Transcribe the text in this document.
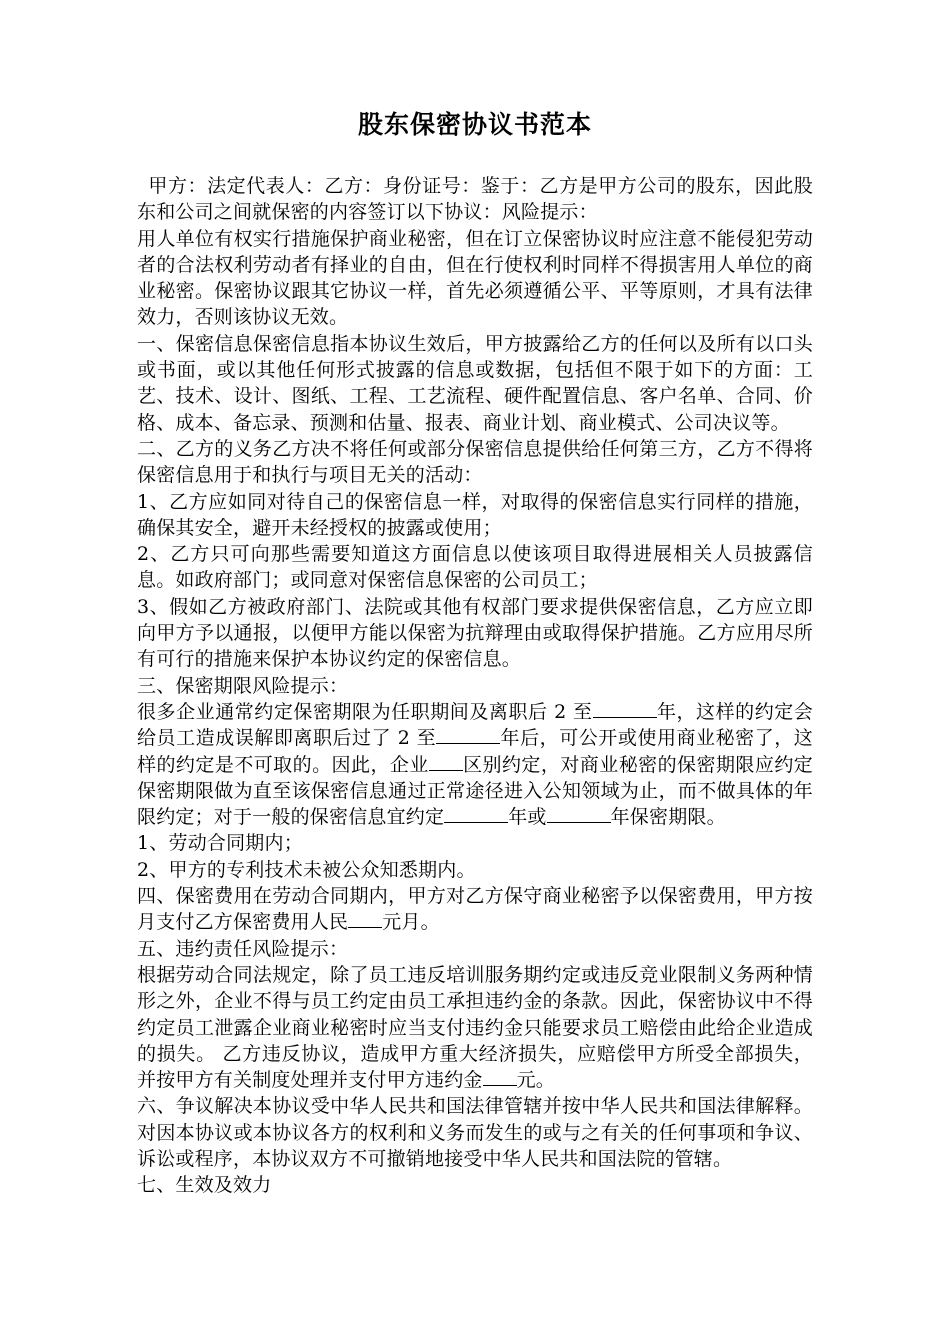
股东保密协议书范本

甲方：法定代表人：乙方：身份证号：鉴于：乙方是甲方公司的股东，因此股东和公司之间就保密的内容签订以下协议：风险提示：

用人单位有权实行措施保护商业秘密，但在订立保密协议时应注意不能侵犯劳动者的合法权利劳动者有择业的自由，但在行使权利时同样不得损害用人单位的商业秘密。保密协议跟其它协议一样，首先必须遵循公平、平等原则，才具有法律效力，否则该协议无效。

一、保密信息保密信息指本协议生效后，甲方披露给乙方的任何以及所有以口头或书面，或以其他任何形式披露的信息或数据，包括但不限于如下的方面：工艺、技术、设计、图纸、工程、工艺流程、硬件配置信息、客户名单、合同、价格、成本、备忘录、预测和估量、报表、商业计划、商业模式、公司决议等。

二、乙方的义务乙方决不将任何或部分保密信息提供给任何第三方，乙方不得将保密信息用于和执行与项目无关的活动：

1、乙方应如同对待自己的保密信息一样，对取得的保密信息实行同样的措施，确保其安全，避开未经授权的披露或使用；

2、乙方只可向那些需要知道这方面信息以使该项目取得进展相关人员披露信息。如政府部门；或同意对保密信息保密的公司员工；

3、假如乙方被政府部门、法院或其他有权部门要求提供保密信息，乙方应立即向甲方予以通报，以便甲方能以保密为抗辩理由或取得保护措施。乙方应用尽所有可行的措施来保护本协议约定的保密信息。

三、保密期限风险提示：

很多企业通常约定保密期限为任职期间及离职后 2 至	年，这样的约定会给员工造成误解即离职后过了 2 至	年后，可公开或使用商业秘密了，这样的约定是不可取的。因此，企业 区别约定，对商业秘密的保密期限应约定保密期限做为直至该保密信息通过正常途径进入公知领域为止，而不做具体的年限约定；对于一般的保密信息宜约定	年或	年保密期限。

1、劳动合同期内；

2、甲方的专利技术未被公众知悉期内。

四、保密费用在劳动合同期内，甲方对乙方保守商业秘密予以保密费用，甲方按月支付乙方保密费用人民 元月。

五、违约责任风险提示：

根据劳动合同法规定，除了员工违反培训服务期约定或违反竞业限制义务两种情形之外，企业不得与员工约定由员工承担违约金的条款。因此，保密协议中不得约定员工泄露企业商业秘密时应当支付违约金只能要求员工赔偿由此给企业造成的损失。 乙方违反协议，造成甲方重大经济损失，应赔偿甲方所受全部损失，并按甲方有关制度处理并支付甲方违约金 元。

六、争议解决本协议受中华人民共和国法律管辖并按中华人民共和国法律解释。对因本协议或本协议各方的权利和义务而发生的或与之有关的任何事项和争议、诉讼或程序，本协议双方不可撤销地接受中华人民共和国法院的管辖。

七、生效及效力
